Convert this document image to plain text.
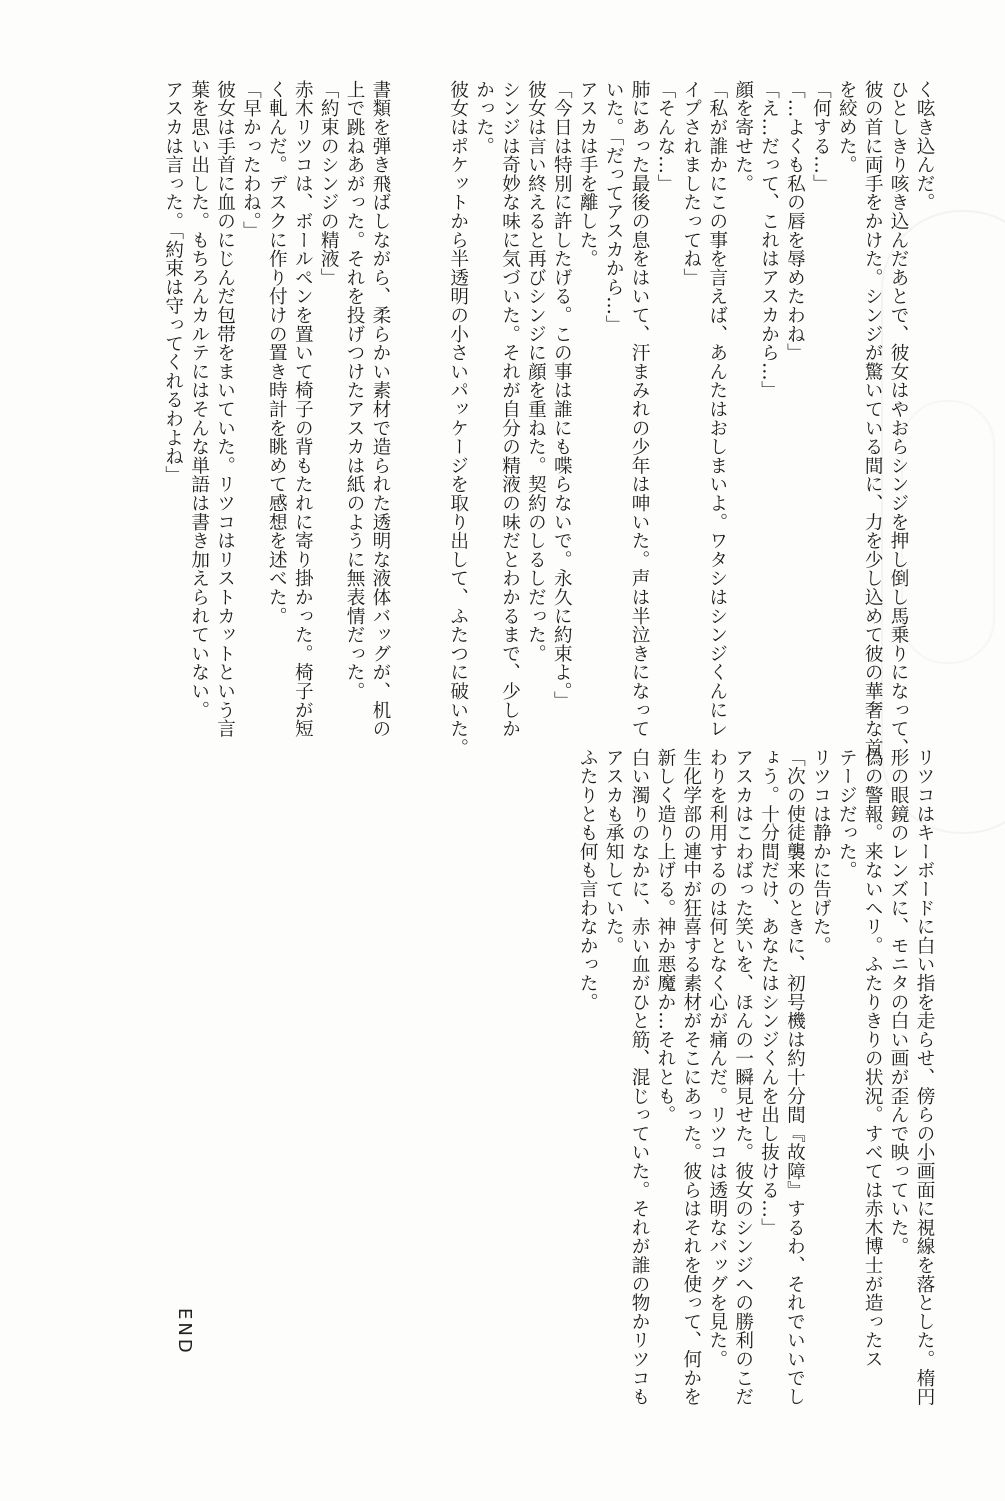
く呟き込んだ。

ひとしきり咳き込んだあとで、彼女はやおらシンジを押し倒し馬乗りになって、

彼の首に両手をかけた。シンジが驚いている間に、力を少し込めて彼の華奢な首

を絞めた。

「何する…」

「…よくも私の唇を辱めたわね」

「え…だって、これはアスカから…」

顔を寄せた。

「私が誰かにこの事を言えば、あんたはおしまいよ。ワタシはシンジくんにレ

イプされましたってね」

「そんな…」

肺にあった最後の息をはいて、汗まみれの少年は呻いた。声は半泣きになって

いた。「だってアスカから…」

アスカは手を離した。

「今日は特別に許したげる。この事は誰にも喋らないで。永久に約束よ。」

彼女は言い終えると再びシンジに顔を重ねた。契約のしるしだった。

シンジは奇妙な味に気づいた。それが自分の精液の味だとわかるまで、少しか

かった。

彼女はポケットから半透明の小さいパッケージを取り出して、ふたつに破いた。

書類を弾き飛ばしながら、柔らかい素材で造られた透明な液体バッグが、机の

上で跳ねあがった。それを投げつけたアスカは紙のように無表情だった。

「約束のシンジの精液」

赤木リツコは、ボールペンを置いて椅子の背もたれに寄り掛かった。椅子が短

く軋んだ。デスクに作り付けの置き時計を眺めて感想を述べた。

「早かったわね。」

彼女は手首に血のにじんだ包帯をまいていた。リツコはリストカットという言

葉を思い出した。もちろんカルテにはそんな単語は書き加えられていない。

アスカは言った。「約束は守ってくれるわよね」

リツコはキーボードに白い指を走らせ、傍らの小画面に視線を落とした。楕円

形の眼鏡のレンズに、モニタの白い画が歪んで映っていた。

偽の警報。来ないヘリ。ふたりきりの状況。すべては赤木博士が造ったス

テージだった。

リツコは静かに告げた。

「次の使徒襲来のときに、初号機は約十分間『故障』するわ、それでいいでし

ょう。十分間だけ、あなたはシンジくんを出し抜ける…」

アスカはこわばった笑いを、ほんの一瞬見せた。彼女のシンジへの勝利のこだ

わりを利用するのは何となく心が痛んだ。リツコは透明なバッグを見た。

生化学部の連中が狂喜する素材がそこにあった。彼らはそれを使って、何かを

新しく造り上げる。神か悪魔か…それとも。

白い濁りのなかに、赤い血がひと筋、混じっていた。それが誰の物かリツコも

アスカも承知していた。

ふたりとも何も言わなかった。

END
